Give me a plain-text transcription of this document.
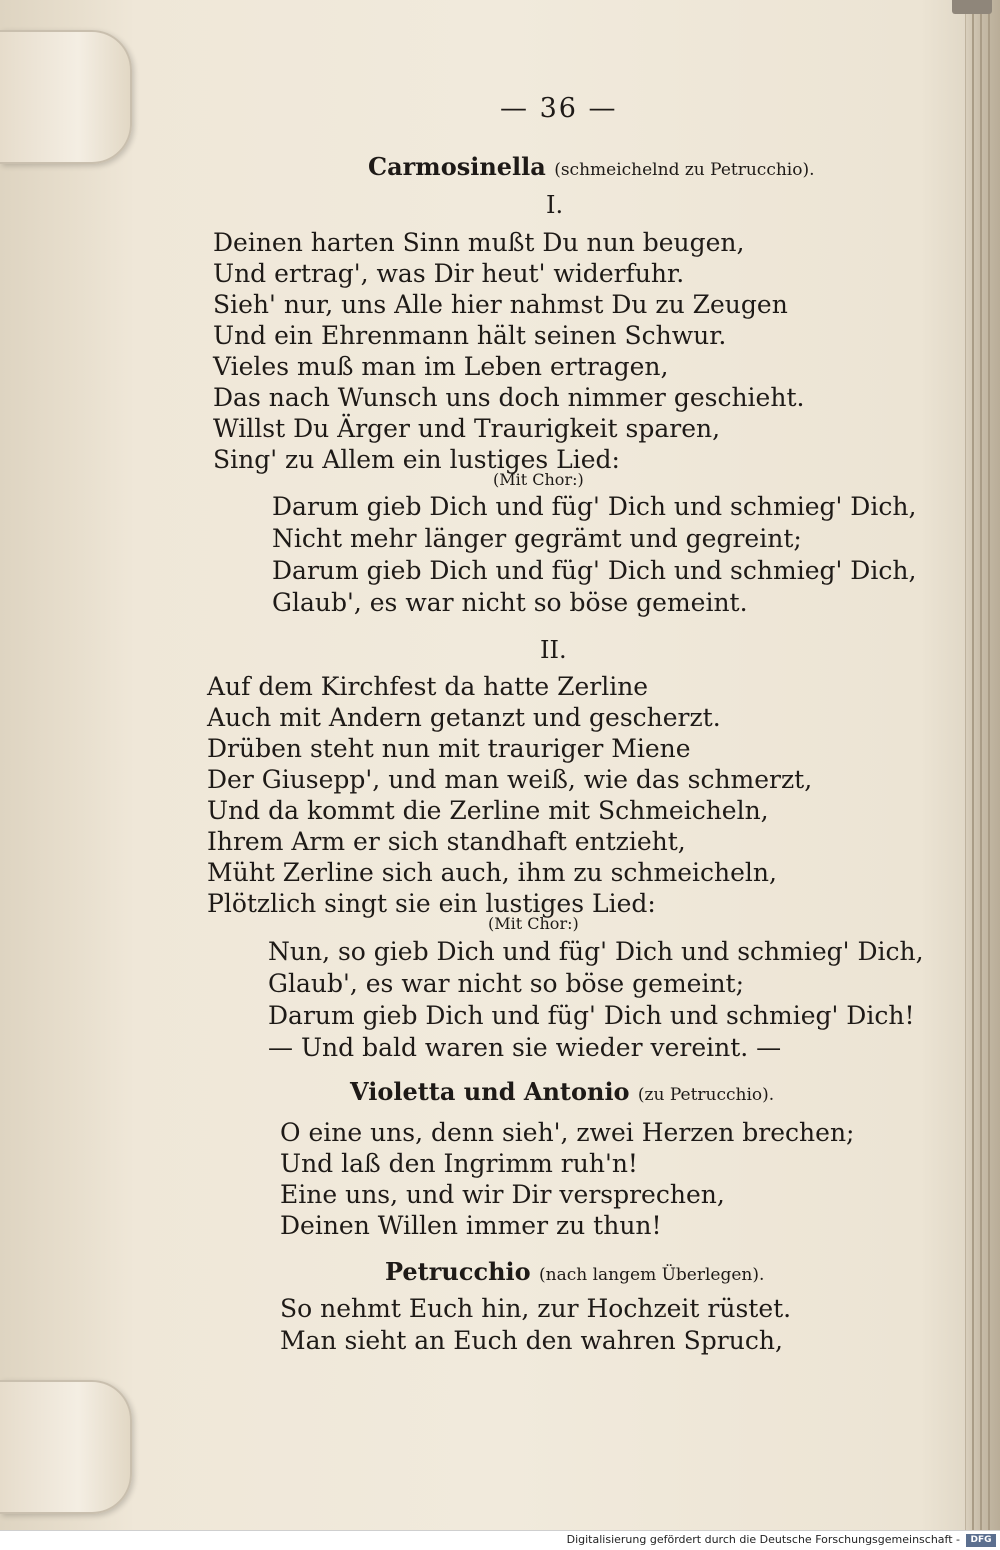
— 36 —
Carmosinella (schmeichelnd zu Petrucchio).
I.
Deinen harten Sinn mußt Du nun beugen,
Und ertrag', was Dir heut' widerfuhr.
Sieh' nur, uns Alle hier nahmst Du zu Zeugen
Und ein Ehrenmann hält seinen Schwur.
Vieles muß man im Leben ertragen,
Das nach Wunsch uns doch nimmer geschieht.
Willst Du Ärger und Traurigkeit sparen,
Sing' zu Allem ein lustiges Lied:
(Mit Chor:)
Darum gieb Dich und füg' Dich und schmieg' Dich,
Nicht mehr länger gegrämt und gegreint;
Darum gieb Dich und füg' Dich und schmieg' Dich,
Glaub', es war nicht so böse gemeint.
II.
Auf dem Kirchfest da hatte Zerline
Auch mit Andern getanzt und gescherzt.
Drüben steht nun mit trauriger Miene
Der Giusepp', und man weiß, wie das schmerzt,
Und da kommt die Zerline mit Schmeicheln,
Ihrem Arm er sich standhaft entzieht,
Müht Zerline sich auch, ihm zu schmeicheln,
Plötzlich singt sie ein lustiges Lied:
(Mit Chor:)
Nun, so gieb Dich und füg' Dich und schmieg' Dich,
Glaub', es war nicht so böse gemeint;
Darum gieb Dich und füg' Dich und schmieg' Dich!
— Und bald waren sie wieder vereint. —
Violetta und Antonio (zu Petrucchio).
O eine uns, denn sieh', zwei Herzen brechen;
Und laß den Ingrimm ruh'n!
Eine uns, und wir Dir versprechen,
Deinen Willen immer zu thun!
Petrucchio (nach langem Überlegen).
So nehmt Euch hin, zur Hochzeit rüstet.
Man sieht an Euch den wahren Spruch,
Digitalisierung gefördert durch die Deutsche Forschungsgemeinschaft -	DFG
